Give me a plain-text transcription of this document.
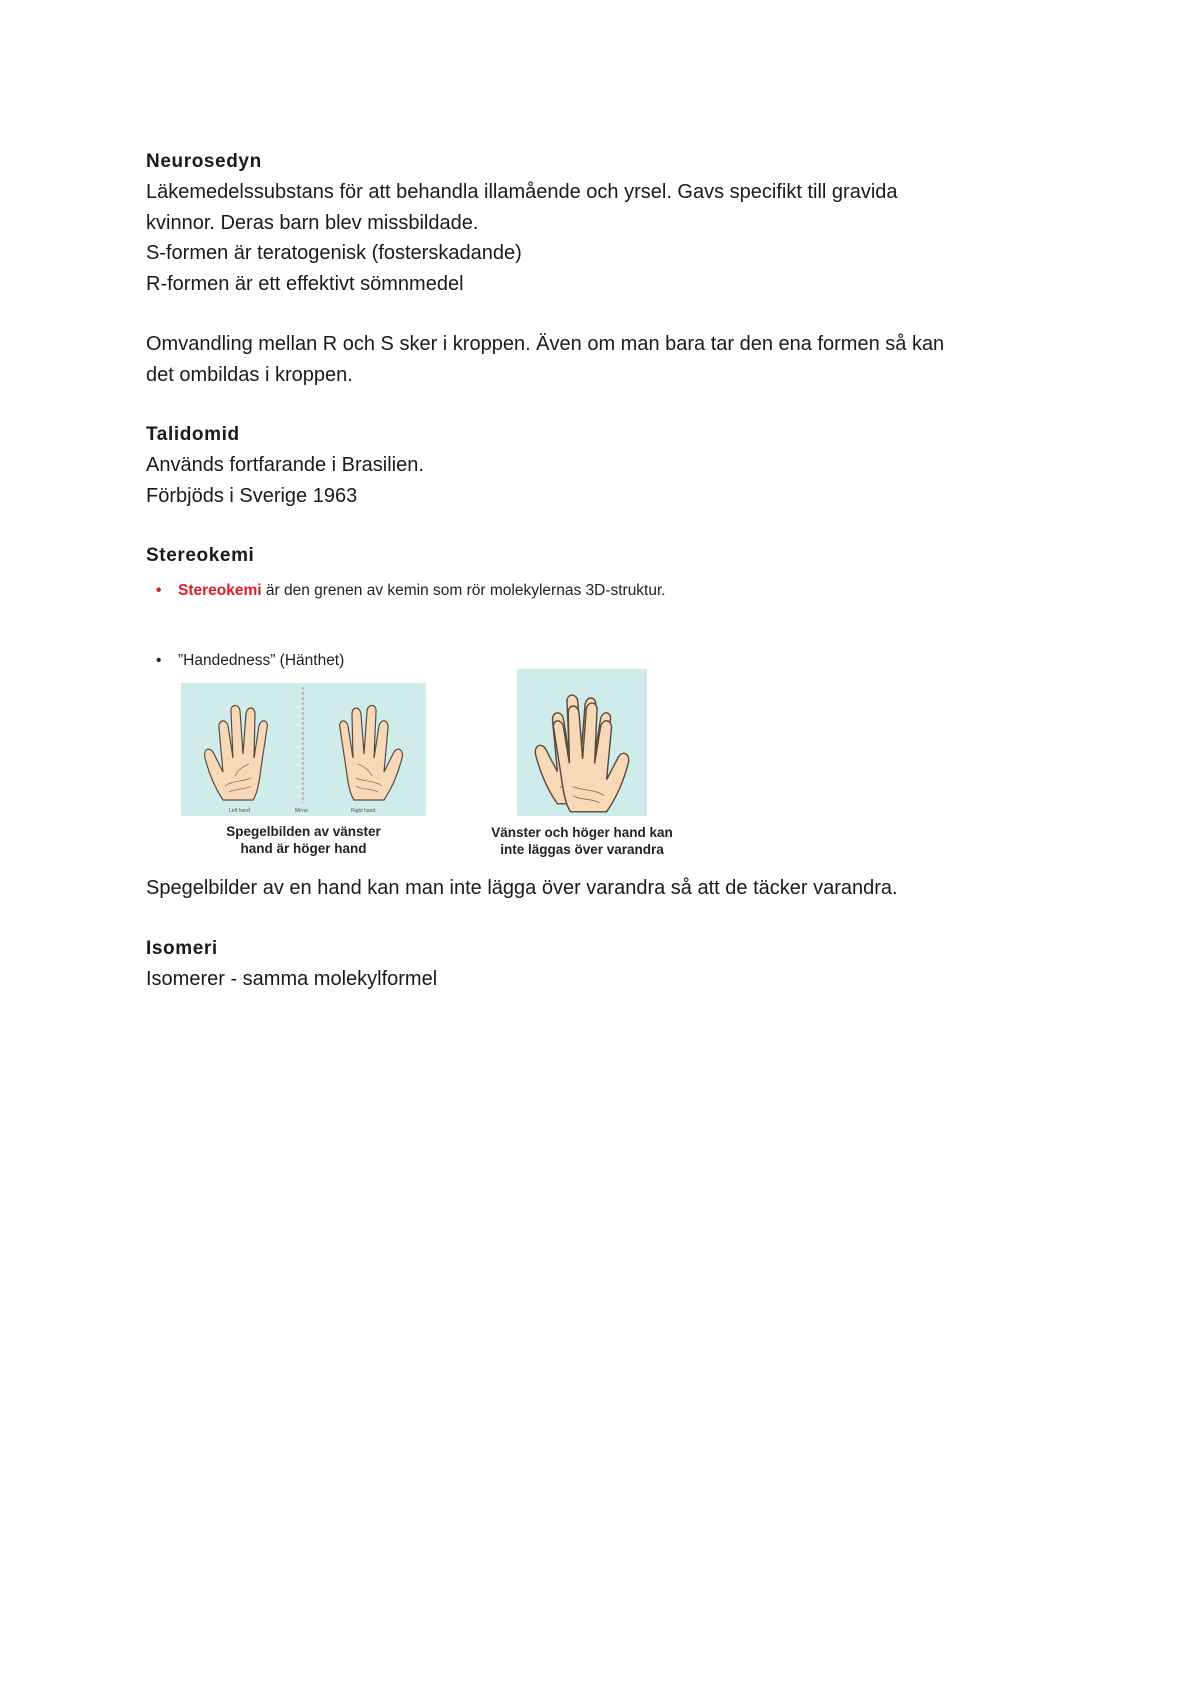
Neurosedyn
Läkemedelssubstans för att behandla illamående och yrsel. Gavs specifikt till gravida
kvinnor. Deras barn blev missbildade.
S-formen är teratogenisk (fosterskadande)
R-formen är ett effektivt sömnmedel
Omvandling mellan R och S sker i kroppen. Även om man bara tar den ena formen så kan
det ombildas i kroppen.
Talidomid
Används fortfarande i Brasilien.
Förbjöds i Sverige 1963
Stereokemi
• Stereokemi är den grenen av kemin som rör molekylernas 3D-struktur.
• ”Handedness” (Hänthet)
Left hand	Mirror	Right hand
Spegelbilden av vänster
hand är höger hand
Vänster och höger hand kan
inte läggas över varandra
Spegelbilder av en hand kan man inte lägga över varandra så att de täcker varandra.
Isomeri
Isomerer - samma molekylformel
